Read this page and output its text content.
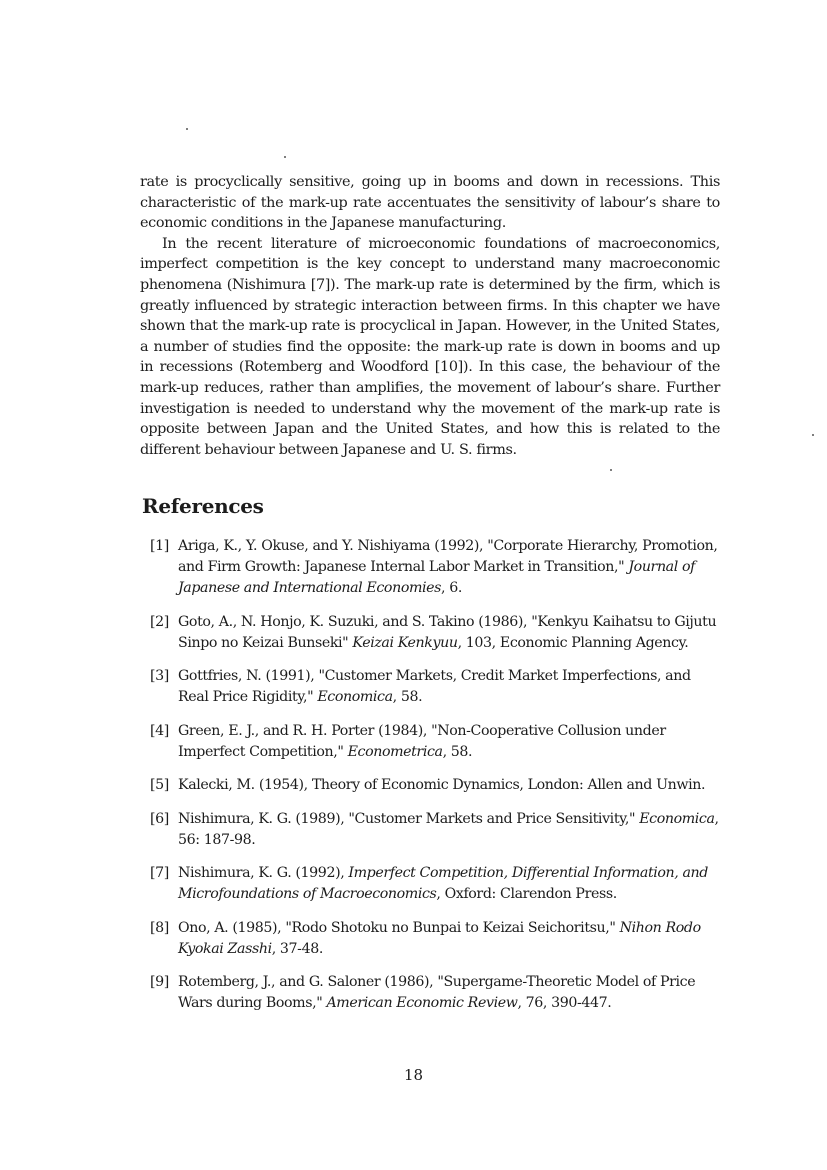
rate is procyclically sensitive, going up in booms and down in recessions. This characteristic of the mark-up rate accentuates the sensitivity of labour’s share to economic conditions in the Japanese manufacturing.

In the recent literature of microeconomic foundations of macroeconomics, imperfect competition is the key concept to understand many macroeconomic phenomena (Nishimura [7]). The mark-up rate is determined by the firm, which is greatly influenced by strategic interaction between firms. In this chapter we have shown that the mark-up rate is procyclical in Japan. However, in the United States, a number of studies find the opposite: the mark-up rate is down in booms and up in recessions (Rotemberg and Woodford [10]). In this case, the behaviour of the mark-up reduces, rather than amplifies, the movement of labour’s share. Further investigation is needed to understand why the movement of the mark-up rate is opposite between Japan and the United States, and how this is related to the different behaviour between Japanese and U. S. firms.

References
[1] Ariga, K., Y. Okuse, and Y. Nishiyama (1992), "Corporate Hierarchy, Promotion, and Firm Growth: Japanese Internal Labor Market in Transition," Journal of Japanese and International Economies, 6.
[2] Goto, A., N. Honjo, K. Suzuki, and S. Takino (1986), "Kenkyu Kaihatsu to Gijutu Sinpo no Keizai Bunseki" Keizai Kenkyuu, 103, Economic Planning Agency.
[3] Gottfries, N. (1991), "Customer Markets, Credit Market Imperfections, and Real Price Rigidity," Economica, 58.
[4] Green, E. J., and R. H. Porter (1984), "Non-Cooperative Collusion under Imperfect Competition," Econometrica, 58.
[5] Kalecki, M. (1954), Theory of Economic Dynamics, London: Allen and Unwin.
[6] Nishimura, K. G. (1989), "Customer Markets and Price Sensitivity," Economica, 56: 187-98.
[7] Nishimura, K. G. (1992), Imperfect Competition, Differential Information, and Microfoundations of Macroeconomics, Oxford: Clarendon Press.
[8] Ono, A. (1985), "Rodo Shotoku no Bunpai to Keizai Seichoritsu," Nihon Rodo Kyokai Zasshi, 37-48.
[9] Rotemberg, J., and G. Saloner (1986), "Supergame-Theoretic Model of Price Wars during Booms," American Economic Review, 76, 390-447.
18
